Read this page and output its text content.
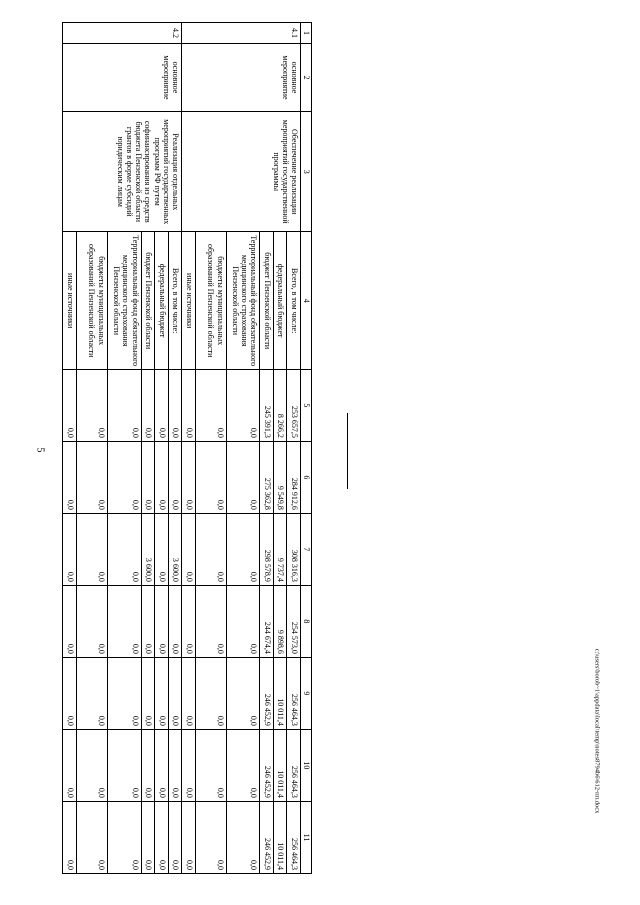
5
c:\users\borob~1\appdata\local\temp\notes8794b6\612-пп.docx
1	2	3	4	5	6	7	8	9	10	11
4.1	основное мероприятие	Обеспечение реализации мероприятий государственной программы	Всего, в том числе:	253 657,5	284 912,6	308 316,3	254 573,0	256 464,3	256 464,3	256 464,3
			федеральный бюджет	8 266,2	9 549,8	9 737,4	9 898,6	10 011,4	10 011,4	10 011,4
			бюджет Пензенской области	245 391,3	275 362,8	298 578,9	244 674,4	246 452,9	246 452,9	246 452,9
			Территориальный фонд обязательного медицинского страхования Пензенской области	0,0	0,0	0,0	0,0	0,0	0,0	0,0
			бюджеты муниципальных образований Пензенской области	0,0	0,0	0,0	0,0	0,0	0,0	0,0
			иные источники	0,0	0,0	0,0	0,0	0,0	0,0	0,0
4.2	основное мероприятие	Реализация отдельных мероприятий государственных программ РФ путем софинансирования из средств бюджета Пензенской области грантов в форме субсидий юридическим лицам	Всего, в том числе:	0,0	0,0	3 600,0	0,0	0,0	0,0	0,0
			федеральный бюджет	0,0	0,0	0,0	0,0	0,0	0,0	0,0
			бюджет Пензенской области	0,0	0,0	3 600,0	0,0	0,0	0,0	0,0
			Территориальный фонд обязательного медицинского страхования Пензенской области	0,0	0,0	0,0	0,0	0,0	0,0	0,0
			бюджеты муниципальных образований Пензенской области	0,0	0,0	0,0	0,0	0,0	0,0	0,0
			иные источники	0,0	0,0	0,0	0,0	0,0	0,0	0,0
